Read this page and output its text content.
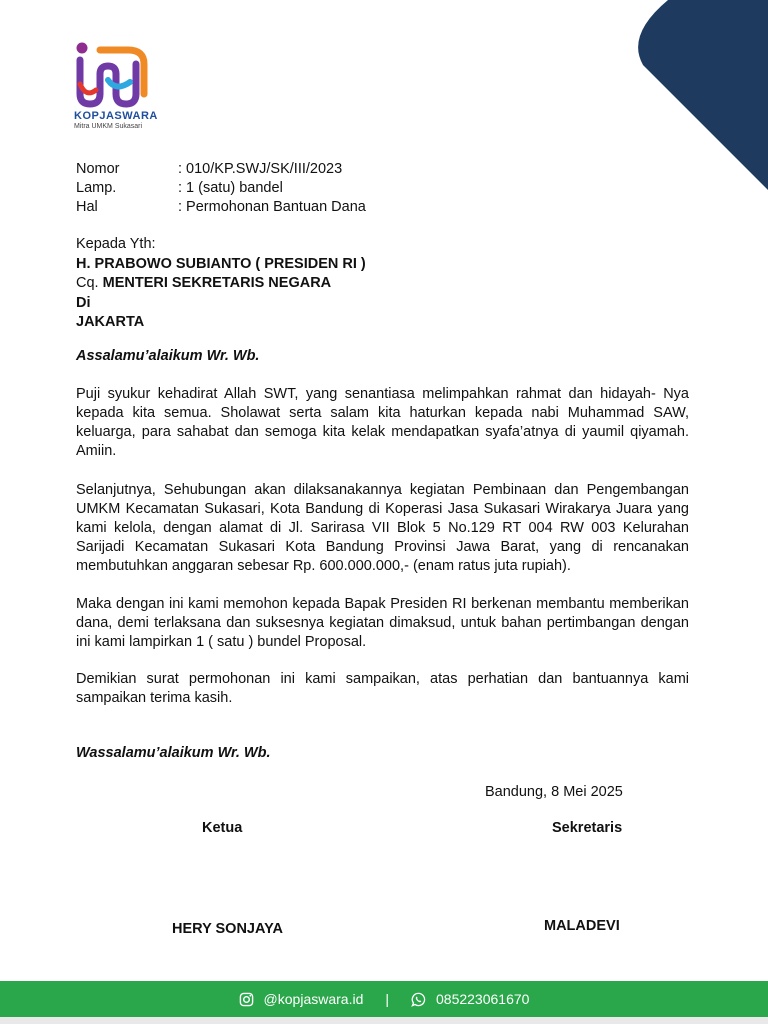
KOPJASWARA
Mitra UMKM Sukasari
Nomor	: 010/KP.SWJ/SK/III/2023
Lamp.	: 1 (satu) bandel
Hal	: Permohonan Bantuan Dana
Kepada Yth:
H. PRABOWO SUBIANTO ( PRESIDEN RI )
Cq. MENTERI SEKRETARIS NEGARA
Di
JAKARTA
Assalamu’alaikum Wr. Wb.

Puji syukur kehadirat Allah SWT, yang senantiasa melimpahkan rahmat dan hidayah- Nya kepada kita semua. Sholawat serta salam kita haturkan kepada nabi Muhammad SAW, keluarga, para sahabat dan semoga kita kelak mendapatkan syafa’atnya di yaumil qiyamah. Amiin.

Selanjutnya, Sehubungan akan dilaksanakannya kegiatan Pembinaan dan Pengembangan UMKM Kecamatan Sukasari, Kota Bandung di Koperasi Jasa Sukasari Wirakarya Juara yang kami kelola, dengan alamat di Jl. Sarirasa VII Blok 5 No.129 RT 004 RW 003 Kelurahan Sarijadi Kecamatan Sukasari Kota Bandung Provinsi Jawa Barat, yang di rencanakan membutuhkan anggaran sebesar Rp. 600.000.000,- (enam ratus juta rupiah).

Maka dengan ini kami memohon kepada Bapak Presiden RI berkenan membantu memberikan dana, demi terlaksana dan suksesnya kegiatan dimaksud, untuk bahan pertimbangan dengan ini kami lampirkan 1 ( satu ) bundel Proposal.

Demikian surat permohonan ini kami sampaikan, atas perhatian dan bantuannya kami sampaikan terima kasih.

Wassalamu’alaikum Wr. Wb.
Bandung, 8 Mei 2025
Ketua	Sekretaris
HERY SONJAYA	MALADEVI
@kopjaswara.id |	085223061670
